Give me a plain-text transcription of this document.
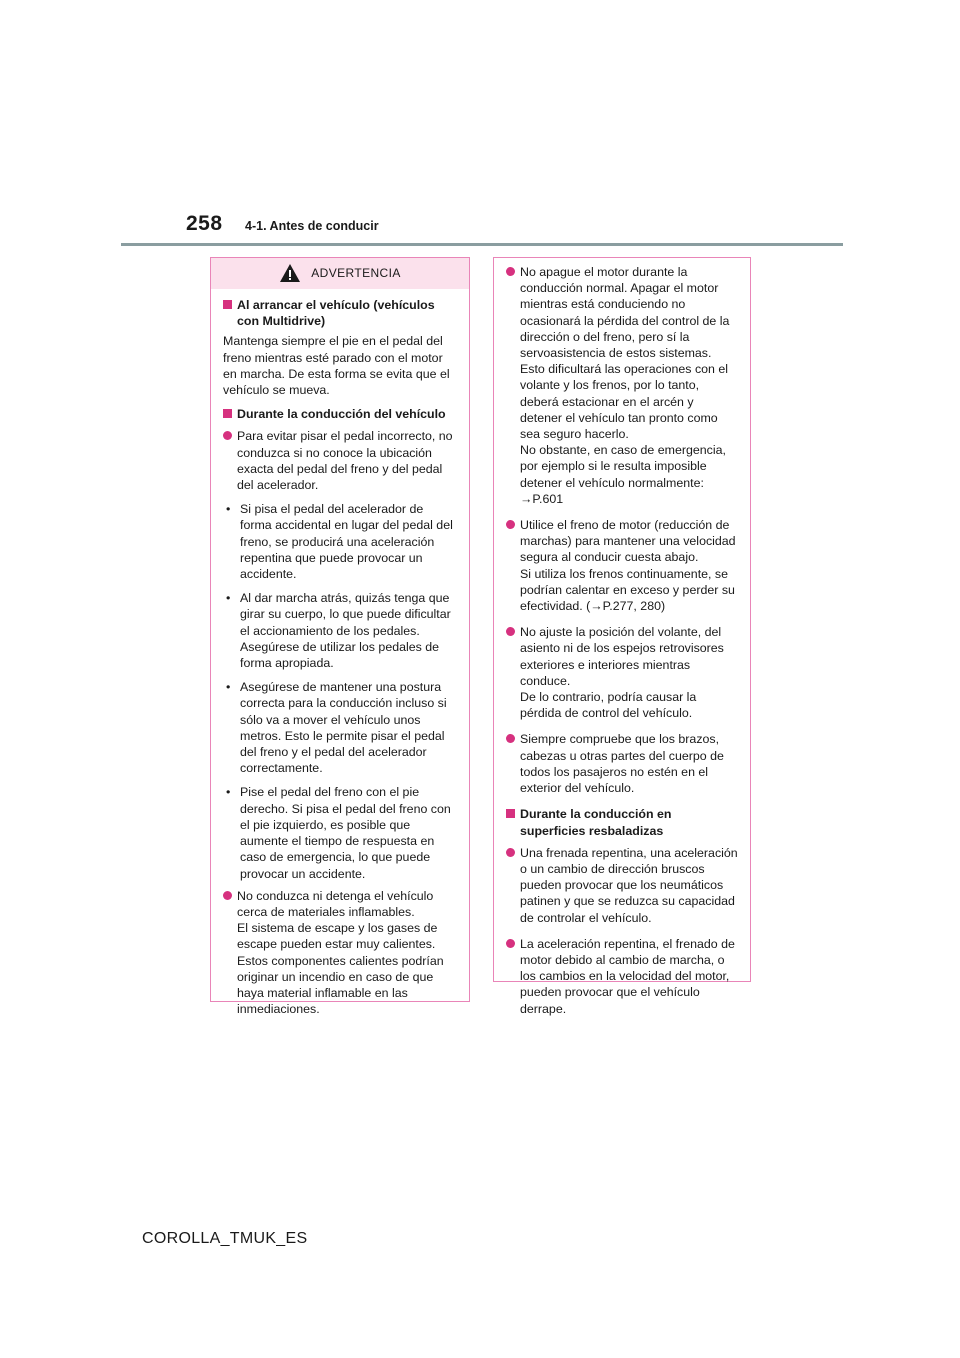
258 4-1. Antes de conducir
ADVERTENCIA
Al arrancar el vehículo (vehículos con Multidrive)
Mantenga siempre el pie en el pedal del freno mientras esté parado con el motor en marcha. De esta forma se evita que el vehículo se mueva.
Durante la conducción del vehículo
Para evitar pisar el pedal incorrecto, no conduzca si no conoce la ubicación exacta del pedal del freno y del pedal del acelerador.
• Si pisa el pedal del acelerador de forma accidental en lugar del pedal del freno, se producirá una aceleración repentina que puede provocar un accidente.
• Al dar marcha atrás, quizás tenga que girar su cuerpo, lo que puede dificultar el accionamiento de los pedales. Asegúrese de utilizar los pedales de forma apropiada.
• Asegúrese de mantener una postura correcta para la conducción incluso si sólo va a mover el vehículo unos metros. Esto le permite pisar el pedal del freno y el pedal del acelerador correctamente.
• Pise el pedal del freno con el pie derecho. Si pisa el pedal del freno con el pie izquierdo, es posible que aumente el tiempo de respuesta en caso de emergencia, lo que puede provocar un accidente.
No conduzca ni detenga el vehículo cerca de materiales inflamables.
El sistema de escape y los gases de escape pueden estar muy calientes. Estos componentes calientes podrían originar un incendio en caso de que haya material inflamable en las inmediaciones.
No apague el motor durante la conducción normal. Apagar el motor mientras está conduciendo no ocasionará la pérdida del control de la dirección o del freno, pero sí la servoasistencia de estos sistemas. Esto dificultará las operaciones con el volante y los frenos, por lo tanto, deberá estacionar en el arcén y detener el vehículo tan pronto como sea seguro hacerlo.
No obstante, en caso de emergencia, por ejemplo si le resulta imposible detener el vehículo normalmente: →P.601
Utilice el freno de motor (reducción de marchas) para mantener una velocidad segura al conducir cuesta abajo.
Si utiliza los frenos continuamente, se podrían calentar en exceso y perder su efectividad. (→P.277, 280)
No ajuste la posición del volante, del asiento ni de los espejos retrovisores exteriores e interiores mientras conduce.
De lo contrario, podría causar la pérdida de control del vehículo.
Siempre compruebe que los brazos, cabezas u otras partes del cuerpo de todos los pasajeros no estén en el exterior del vehículo.
Durante la conducción en superficies resbaladizas
Una frenada repentina, una aceleración o un cambio de dirección bruscos pueden provocar que los neumáticos patinen y que se reduzca su capacidad de controlar el vehículo.
La aceleración repentina, el frenado de motor debido al cambio de marcha, o los cambios en la velocidad del motor, pueden provocar que el vehículo derrape.
COROLLA_TMUK_ES
